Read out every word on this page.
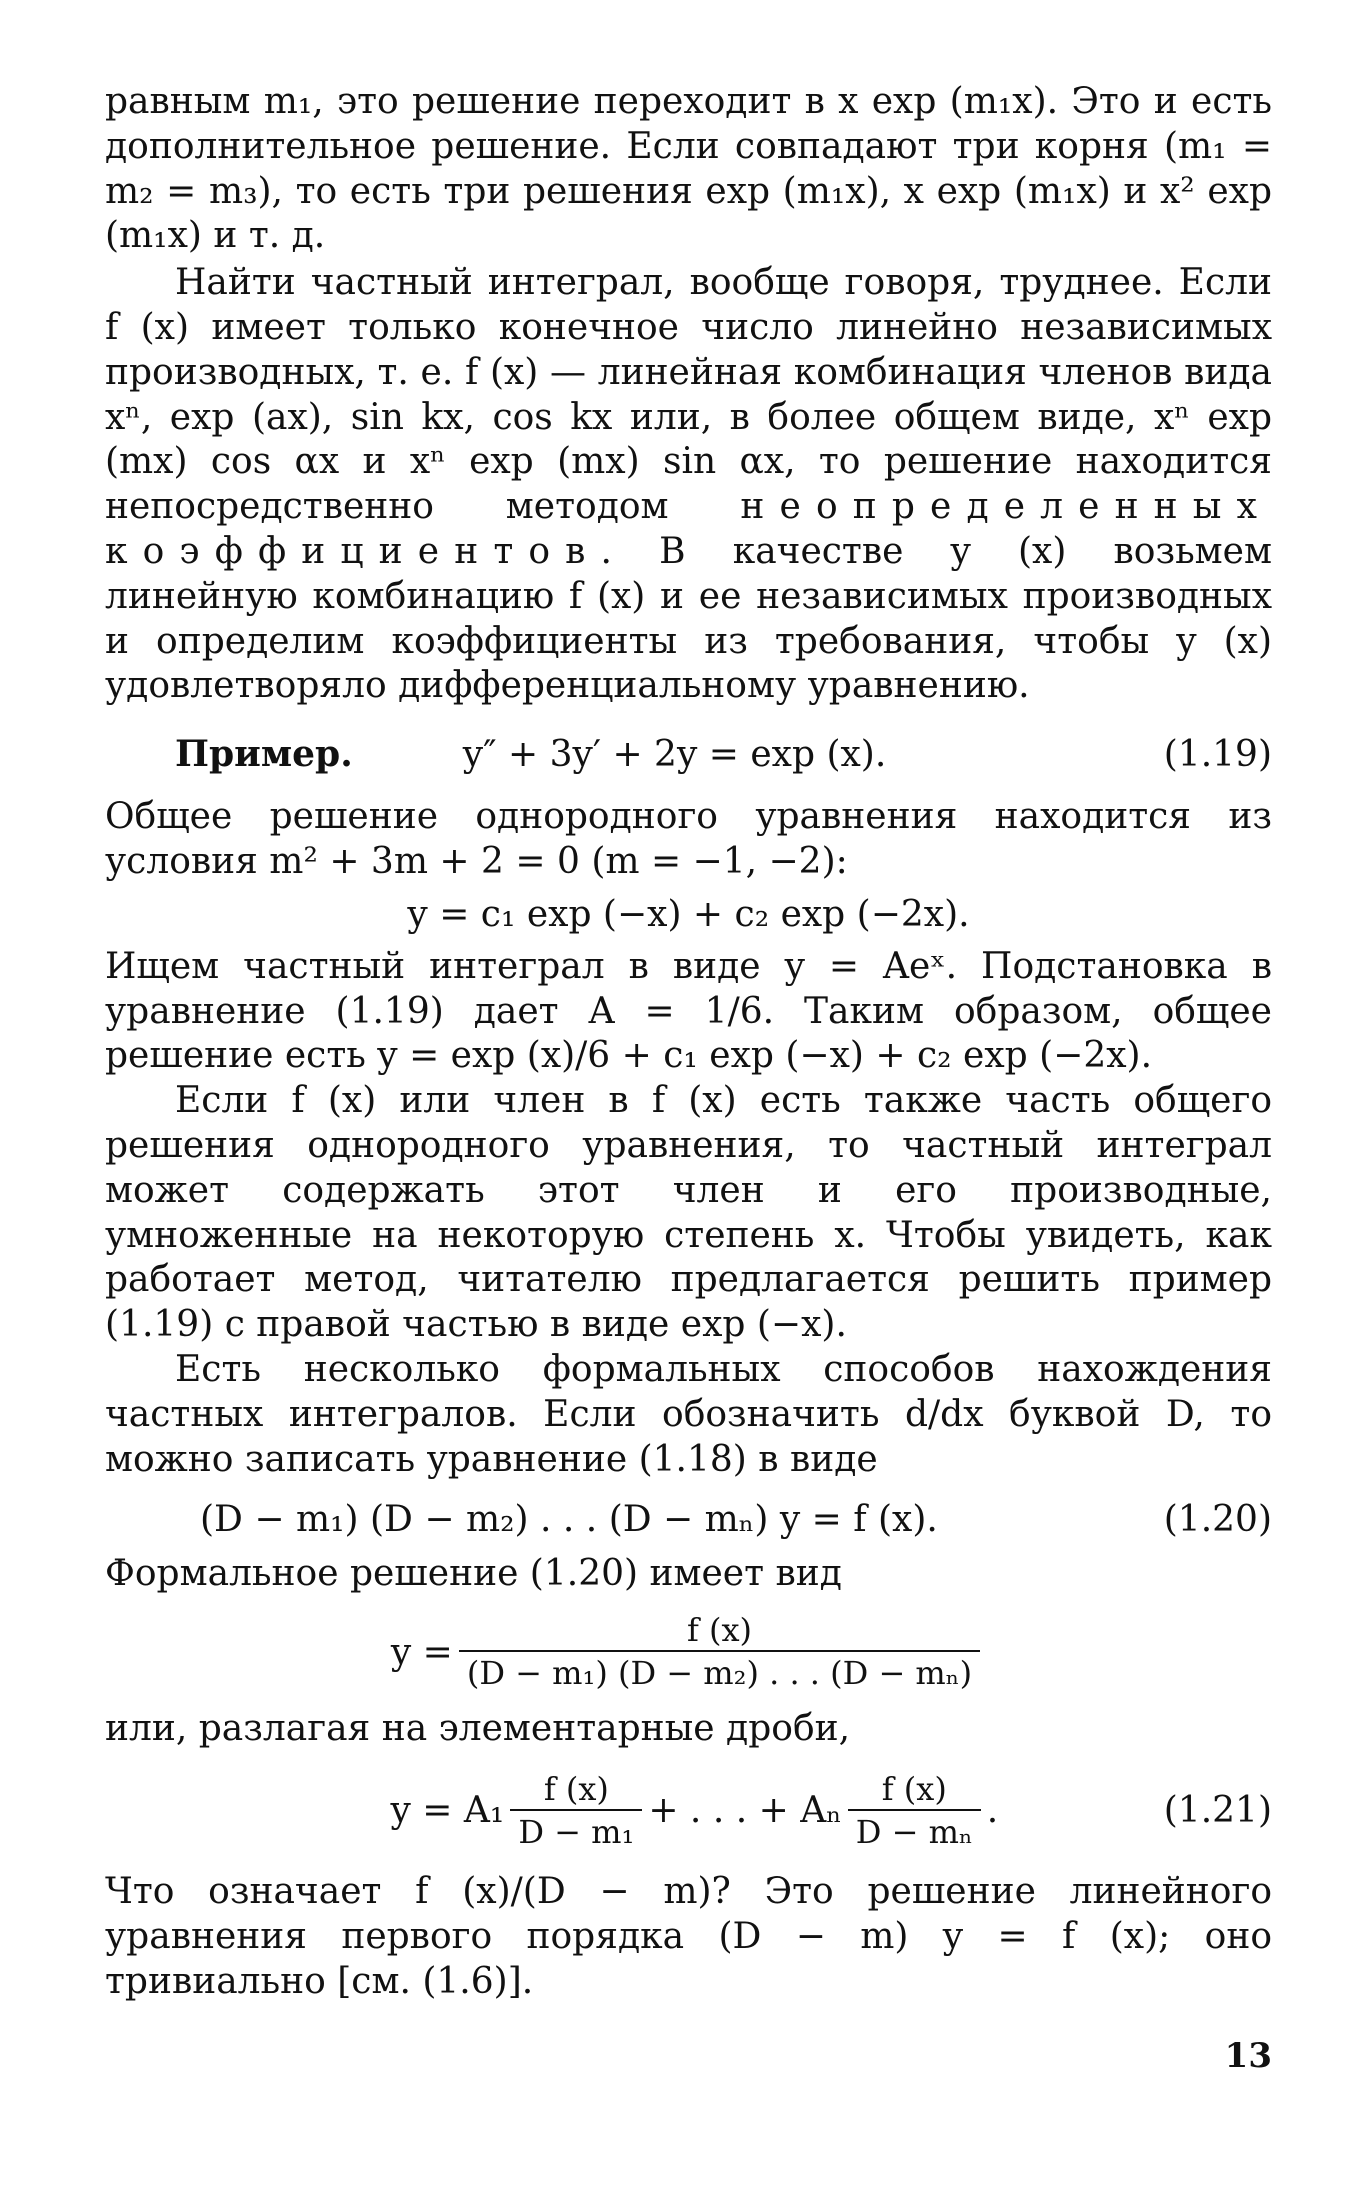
равным m₁, это решение переходит в x exp (m₁x). Это и есть дополнительное решение. Если совпадают три корня (m₁ = m₂ = m₃), то есть три решения exp (m₁x), x exp (m₁x) и x² exp (m₁x) и т. д.

Найти частный интеграл, вообще говоря, труднее. Если f (x) имеет только конечное число линейно независимых производных, т. е. f (x) — линейная комбинация членов вида xⁿ, exp (ax), sin kx, cos kx или, в более общем виде, xⁿ exp (mx) cos αx и xⁿ exp (mx) sin αx, то решение находится непосредственно методом неопределенных коэффициентов. В качестве y (x) возьмем линейную комбинацию f (x) и ее независимых производных и определим коэффициенты из требования, чтобы y (x) удовлетворяло дифференциальному уравнению.

Пример.	y″ + 3y′ + 2y = exp (x).	(1.19)

Общее решение однородного уравнения находится из условия m² + 3m + 2 = 0 (m = −1, −2):

y = c₁ exp (−x) + c₂ exp (−2x).

Ищем частный интеграл в виде y = Aeˣ. Подстановка в уравнение (1.19) дает A = 1/6. Таким образом, общее решение есть y = exp (x)/6 + c₁ exp (−x) + c₂ exp (−2x).

Если f (x) или член в f (x) есть также часть общего решения однородного уравнения, то частный интеграл может содержать этот член и его производные, умноженные на некоторую степень x. Чтобы увидеть, как работает метод, читателю предлагается решить пример (1.19) с правой частью в виде exp (−x).

Есть несколько формальных способов нахождения частных интегралов. Если обозначить d/dx буквой D, то можно записать уравнение (1.18) в виде

(D − m₁) (D − m₂) . . . (D − mₙ) y = f (x).	(1.20)

Формальное решение (1.20) имеет вид

$y = \frac{f (x)}{\text{(D − m₁) (D − m₂) . . . (D − mₙ)}}$

или, разлагая на элементарные дроби,

$y = A_1 \frac{f (x)}{\text{D − m₁}}$ + . . . + Aₙ $\frac{f (x)}{\text{D − mₙ}}$ .	(1.21)

Что означает f (x)/(D − m)? Это решение линейного уравнения первого порядка (D − m) y = f (x); оно тривиально [см. (1.6)].

13
